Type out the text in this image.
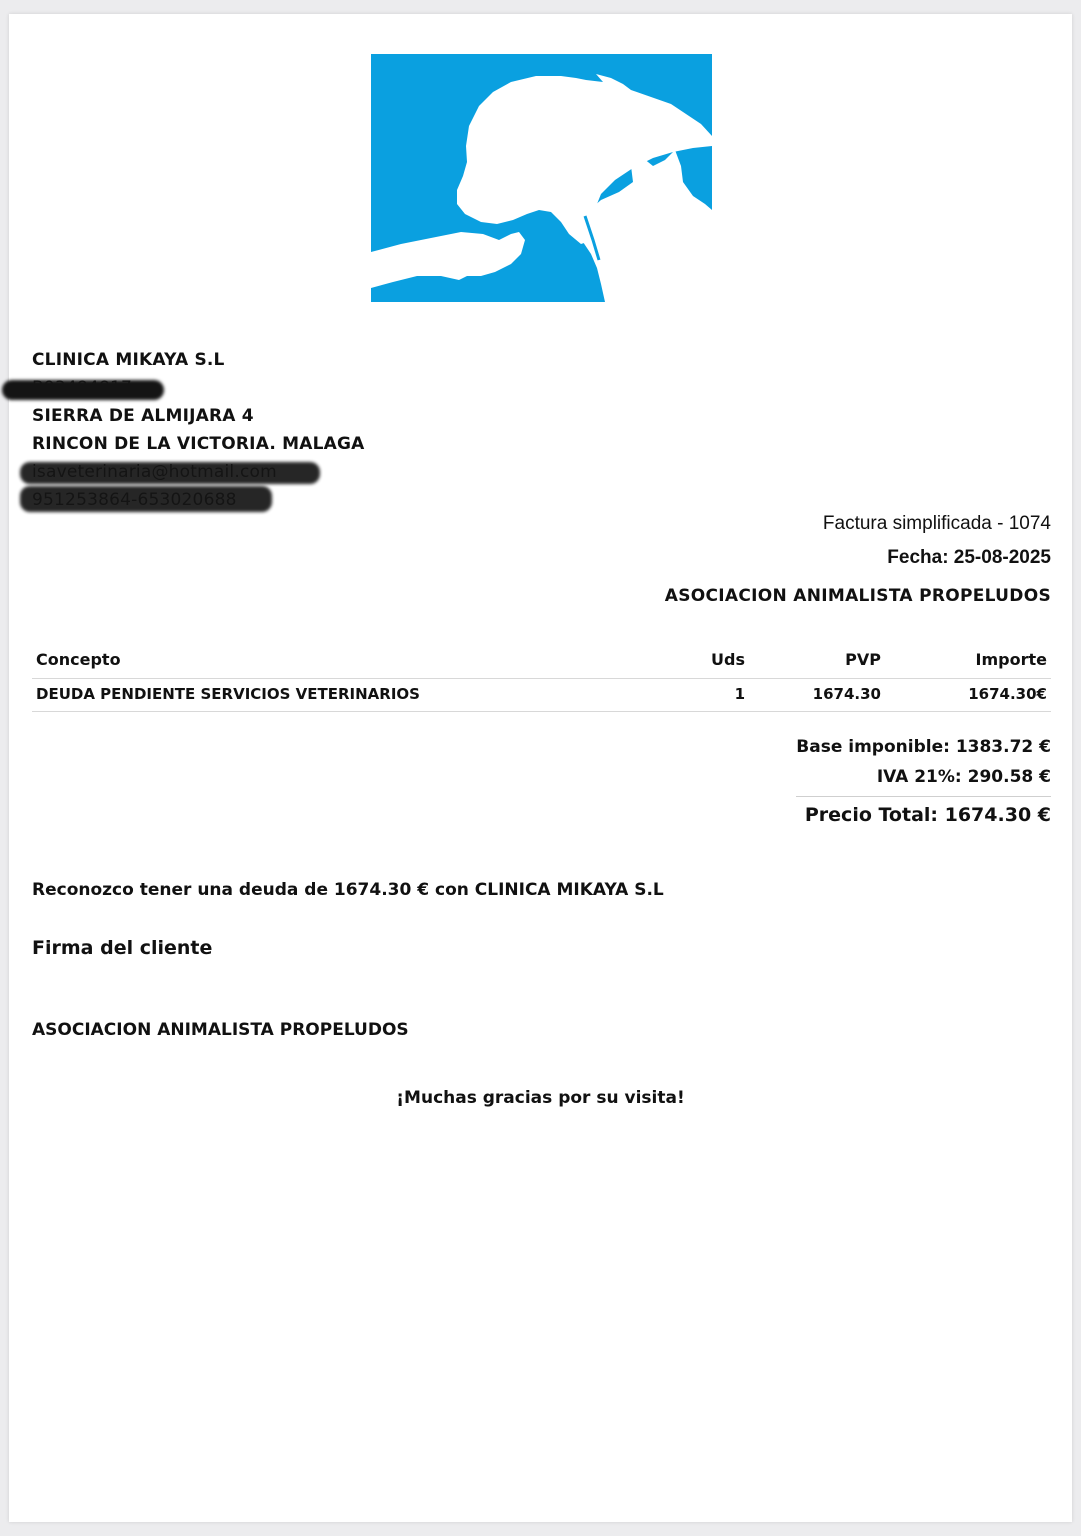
CLINICA MIKAYA S.L
SIERRA DE ALMIJARA 4
RINCON DE LA VICTORIA. MALAGA
Factura simplificada - 1074
Fecha: 25-08-2025
ASOCIACION ANIMALISTA PROPELUDOS
Concepto	Uds	PVP	Importe
DEUDA PENDIENTE SERVICIOS VETERINARIOS	1	1674.30	1674.30€
Base imponible: 1383.72 €
IVA 21%: 290.58 €
Precio Total: 1674.30 €
Reconozco tener una deuda de 1674.30 € con CLINICA MIKAYA S.L
Firma del cliente
ASOCIACION ANIMALISTA PROPELUDOS
¡Muchas gracias por su visita!
